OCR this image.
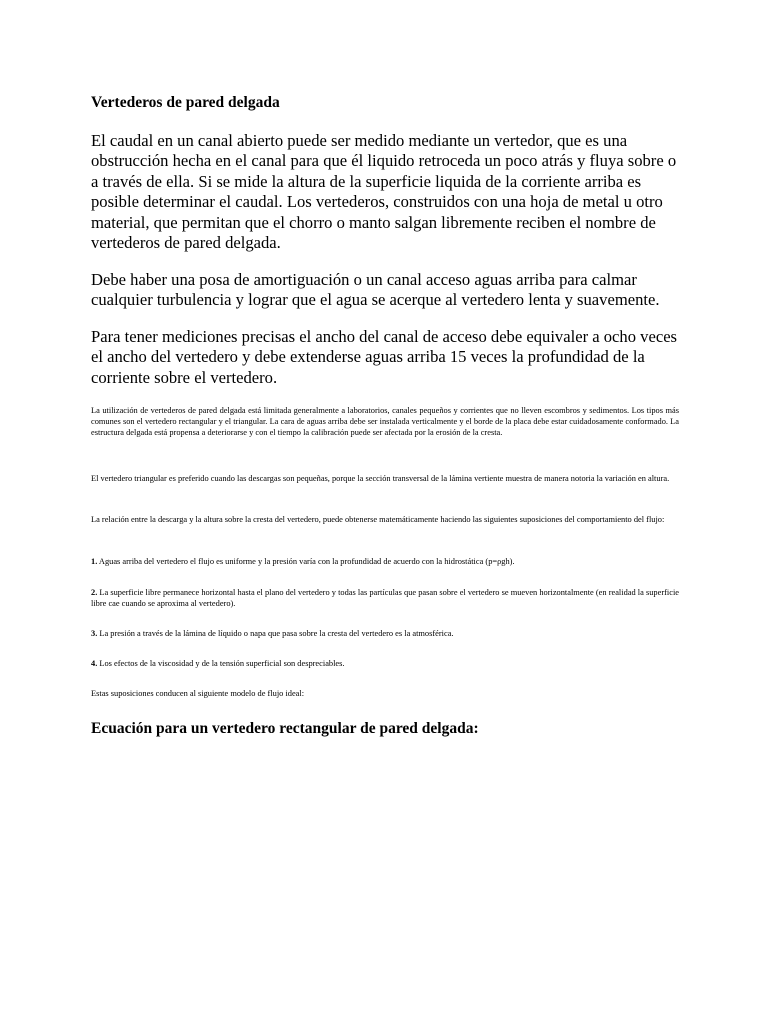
Vertederos de pared delgada

El caudal en un canal abierto puede ser medido mediante un vertedor, que es una obstrucción hecha en el canal para que él liquido retroceda un poco atrás y fluya sobre o a través de ella. Si se mide la altura de la superficie liquida de la corriente arriba es posible determinar el caudal. Los vertederos, construidos con una hoja de metal u otro material, que permitan que el chorro o manto salgan libremente reciben el nombre de vertederos de pared delgada.

Debe haber una posa de amortiguación o un canal acceso aguas arriba para calmar cualquier turbulencia y lograr que el agua se acerque al vertedero lenta y suavemente.

Para tener mediciones precisas el ancho del canal de acceso debe equivaler a ocho veces el ancho del vertedero y debe extenderse aguas arriba 15 veces la profundidad de la corriente sobre el vertedero.

La utilización de vertederos de pared delgada está limitada generalmente a laboratorios, canales pequeños y corrientes que no lleven escombros y sedimentos. Los tipos más comunes son el vertedero rectangular y el triangular. La cara de aguas arriba debe ser instalada verticalmente y el borde de la placa debe estar cuidadosamente conformado. La estructura delgada está propensa a deteriorarse y con el tiempo la calibración puede ser afectada por la erosión de la cresta.

El vertedero triangular es preferido cuando las descargas son pequeñas, porque la sección transversal de la lámina vertiente muestra de manera notoria la variación en altura.

La relación entre la descarga y la altura sobre la cresta del vertedero, puede obtenerse matemáticamente haciendo las siguientes suposiciones del comportamiento del flujo:

1. Aguas arriba del vertedero el flujo es uniforme y la presión varía con la profundidad de acuerdo con la hidrostática (p=ρgh).

2. La superficie libre permanece horizontal hasta el plano del vertedero y todas las partículas que pasan sobre el vertedero se mueven horizontalmente (en realidad la superficie libre cae cuando se aproxima al vertedero).

3. La presión a través de la lámina de líquido o napa que pasa sobre la cresta del vertedero es la atmosférica.

4. Los efectos de la viscosidad y de la tensión superficial son despreciables.

Estas suposiciones conducen al siguiente modelo de flujo ideal:

Ecuación para un vertedero rectangular de pared delgada:
